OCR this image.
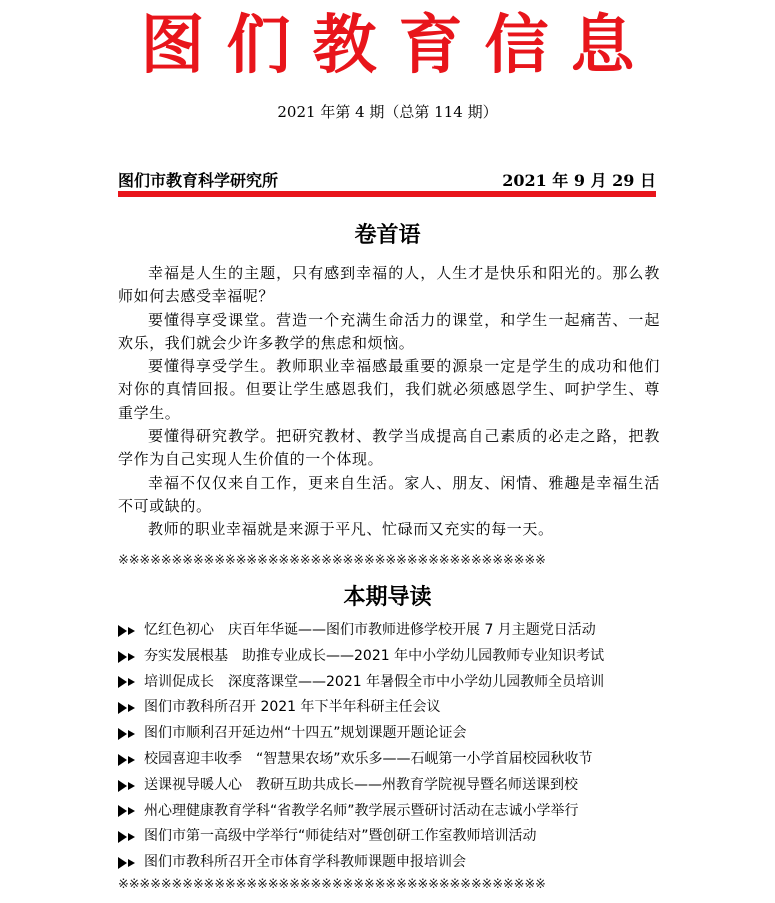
图们教育信息
2021 年第 4 期（总第 114 期）
图们市教育科学研究所	2021 年 9 月 29 日
卷首语

幸福是人生的主题，只有感到幸福的人，人生才是快乐和阳光的。那么教师如何去感受幸福呢？

要懂得享受课堂。营造一个充满生命活力的课堂，和学生一起痛苦、一起欢乐，我们就会少许多教学的焦虑和烦恼。

要懂得享受学生。教师职业幸福感最重要的源泉一定是学生的成功和他们对你的真情回报。但要让学生感恩我们，我们就必须感恩学生、呵护学生、尊重学生。

要懂得研究教学。把研究教材、教学当成提高自己素质的必走之路，把教学作为自己实现人生价值的一个体现。

幸福不仅仅来自工作，更来自生活。家人、朋友、闲情、雅趣是幸福生活不可或缺的。

教师的职业幸福就是来源于平凡、忙碌而又充实的每一天。

※※※※※※※※※※※※※※※※※※※※※※※※※※※※※※※※※※※※※※※※
本期导读
忆红色初心　庆百年华诞——图们市教师进修学校开展 7 月主题党日活动
夯实发展根基　助推专业成长——2021 年中小学幼儿园教师专业知识考试
培训促成长　深度落课堂——2021 年暑假全市中小学幼儿园教师全员培训
图们市教科所召开 2021 年下半年科研主任会议
图们市顺利召开延边州“十四五”规划课题开题论证会
校园喜迎丰收季　“智慧果农场”欢乐多——石岘第一小学首届校园秋收节
送课视导暖人心　教研互助共成长——州教育学院视导暨名师送课到校
州心理健康教育学科“省教学名师”教学展示暨研讨活动在志诚小学举行
图们市第一高级中学举行“师徒结对”暨创研工作室教师培训活动
图们市教科所召开全市体育学科教师课题申报培训会
※※※※※※※※※※※※※※※※※※※※※※※※※※※※※※※※※※※※※※※※
